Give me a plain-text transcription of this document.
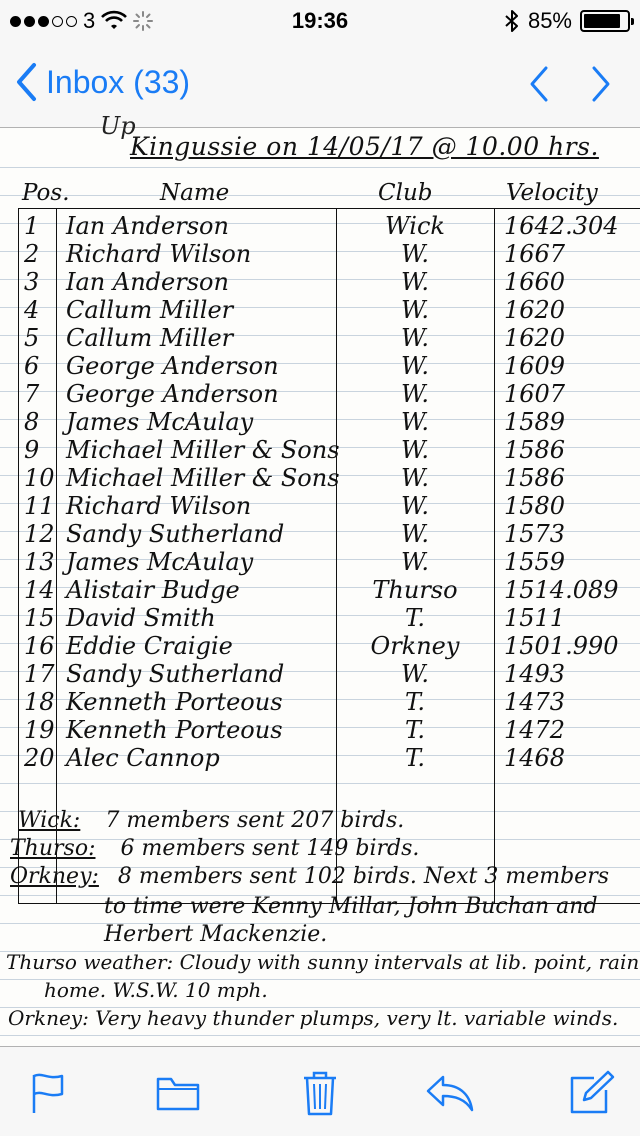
3	19:36	85%
Inbox (33)
Up
Kingussie on 14/05/17 @ 10.00 hrs.
Pos.	Name	Club	Velocity
1	Ian Anderson	Wick	1642.304
2	Richard Wilson	W.	1667
3	Ian Anderson	W.	1660
4	Callum Miller	W.	1620
5	Callum Miller	W.	1620
6	George Anderson	W.	1609
7	George Anderson	W.	1607
8	James McAulay	W.	1589
9	Michael Miller & Sons	W.	1586
10 Michael Miller & Sons	W.	1586
11 Richard Wilson	W.	1580
12 Sandy Sutherland	W.	1573
13 James McAulay	W.	1559
14 Alistair Budge	Thurso	1514.089
15 David Smith	T.	1511
16 Eddie Craigie	Orkney	1501.990
17 Sandy Sutherland	W.	1493
18 Kenneth Porteous	T.	1473
19 Kenneth Porteous	T.	1472
20 Alec Cannop	T.	1468
Wick: 7 members sent 207 birds.
Thurso: 6 members sent 149 birds.
Orkney: 8 members sent 102 birds. Next 3 members
to time were Kenny Millar, John Buchan and
Herbert Mackenzie.
Thurso weather: Cloudy with sunny intervals at lib. point, rain
home. W.S.W. 10 mph.
Orkney: Very heavy thunder plumps, very lt. variable winds.
